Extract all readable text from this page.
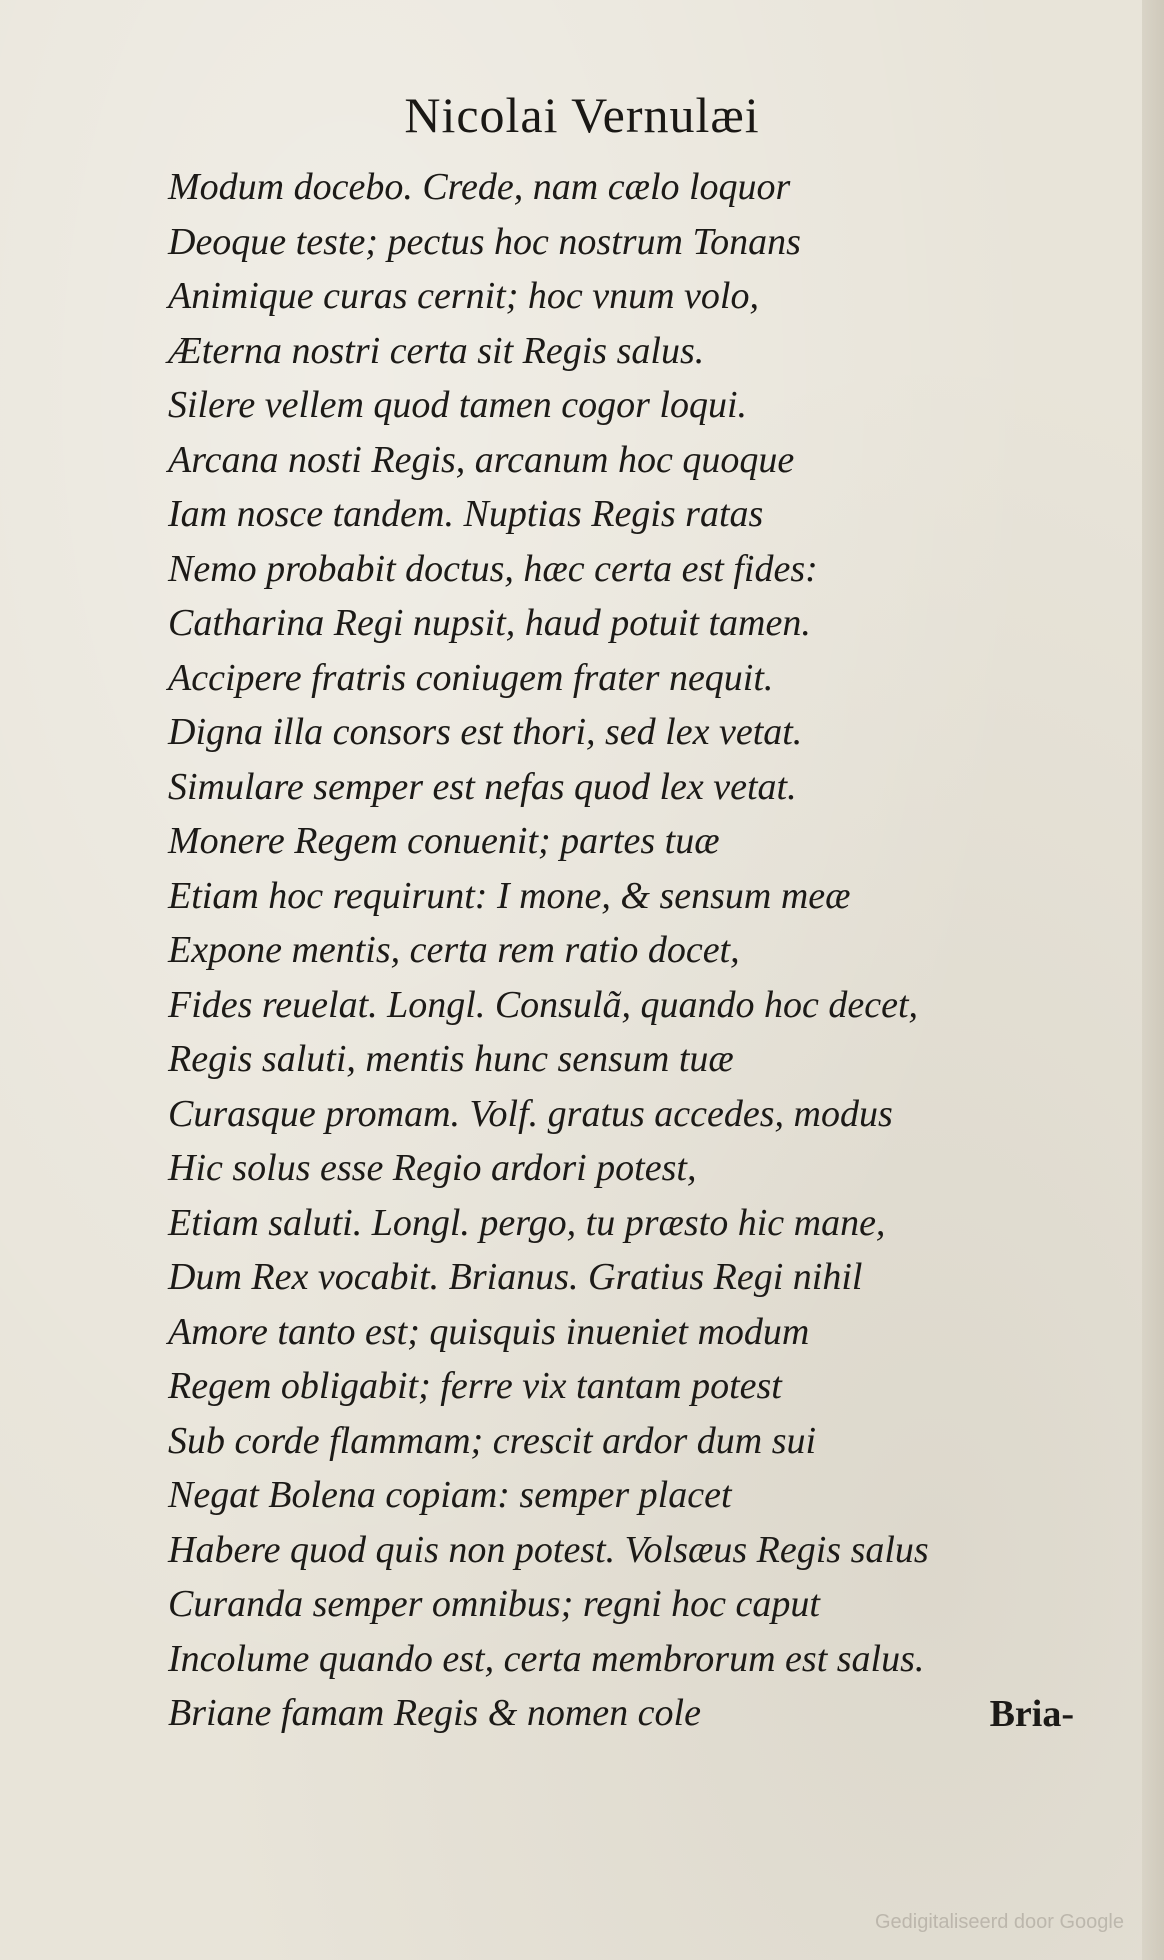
Nicolai Vernulæi
Modum docebo. Crede, nam cælo loquor
Deoque teste; pectus hoc nostrum Tonans
Animique curas cernit; hoc vnum volo,
Æterna nostri certa sit Regis salus.
Silere vellem quod tamen cogor loqui.
Arcana nosti Regis, arcanum hoc quoque
Iam nosce tandem. Nuptias Regis ratas
Nemo probabit doctus, hæc certa est fides:
Catharina Regi nupsit, haud potuit tamen.
Accipere fratris coniugem frater nequit.
Digna illa consors est thori, sed lex vetat.
Simulare semper est nefas quod lex vetat.
Monere Regem conuenit; partes tuæ
Etiam hoc requirunt: I mone, & sensum meæ
Expone mentis, certa rem ratio docet,
Fides reuelat. Longl. Consulã, quando hoc decet,
Regis saluti, mentis hunc sensum tuæ
Curasque promam. Volf. gratus accedes, modus
Hic solus esse Regio ardori potest,
Etiam saluti. Longl. pergo, tu præsto hic mane,
Dum Rex vocabit. Brianus. Gratius Regi nihil
Amore tanto est; quisquis inueniet modum
Regem obligabit; ferre vix tantam potest
Sub corde flammam; crescit ardor dum sui
Negat Bolena copiam: semper placet
Habere quod quis non potest. Volsæus Regis salus
Curanda semper omnibus; regni hoc caput
Incolume quando est, certa membrorum est salus.
Briane famam Regis & nomen cole	Bria-
Gedigitaliseerd door Google
